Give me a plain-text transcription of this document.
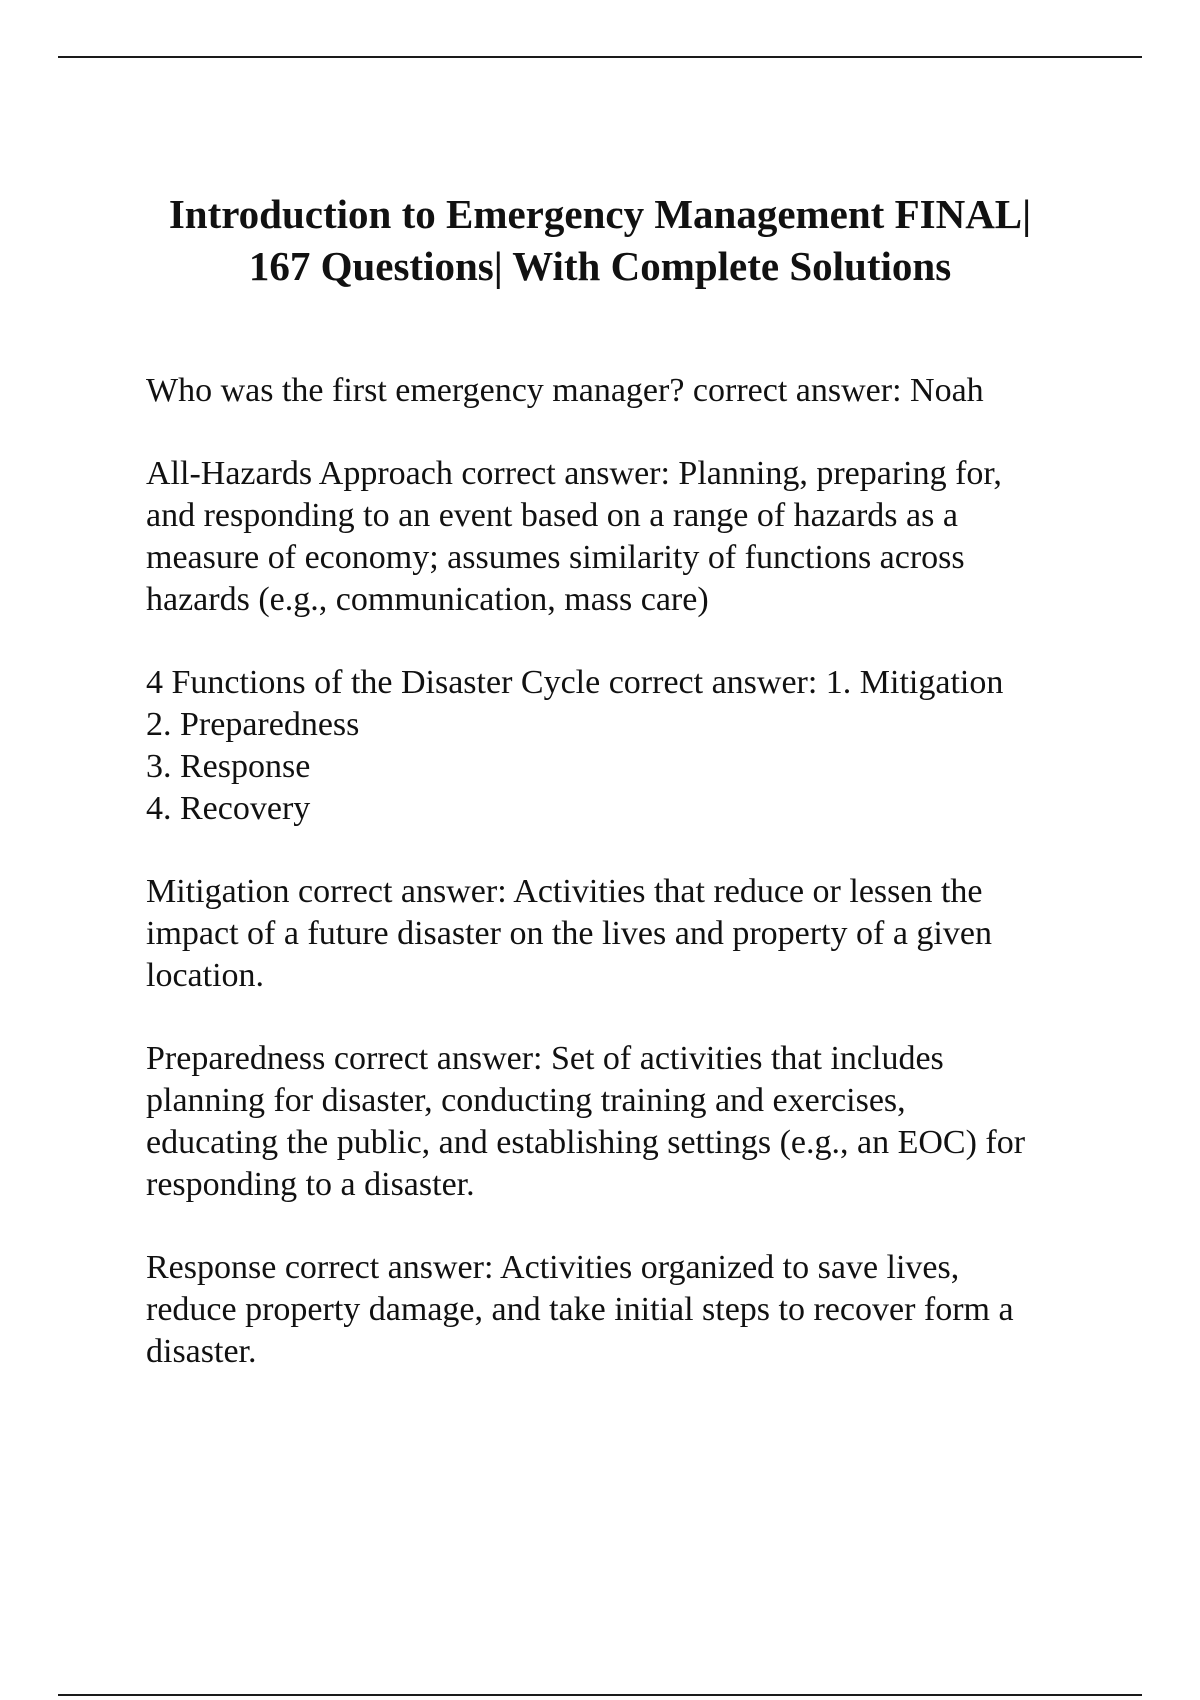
Introduction to Emergency Management FINAL|
167 Questions| With Complete Solutions
Who was the first emergency manager? correct answer: Noah
All-Hazards Approach correct answer: Planning, preparing for,
and responding to an event based on a range of hazards as a
measure of economy; assumes similarity of functions across
hazards (e.g., communication, mass care)
4 Functions of the Disaster Cycle correct answer: 1. Mitigation
2. Preparedness
3. Response
4. Recovery
Mitigation correct answer: Activities that reduce or lessen the
impact of a future disaster on the lives and property of a given
location.
Preparedness correct answer: Set of activities that includes
planning for disaster, conducting training and exercises,
educating the public, and establishing settings (e.g., an EOC) for
responding to a disaster.
Response correct answer: Activities organized to save lives,
reduce property damage, and take initial steps to recover form a
disaster.
